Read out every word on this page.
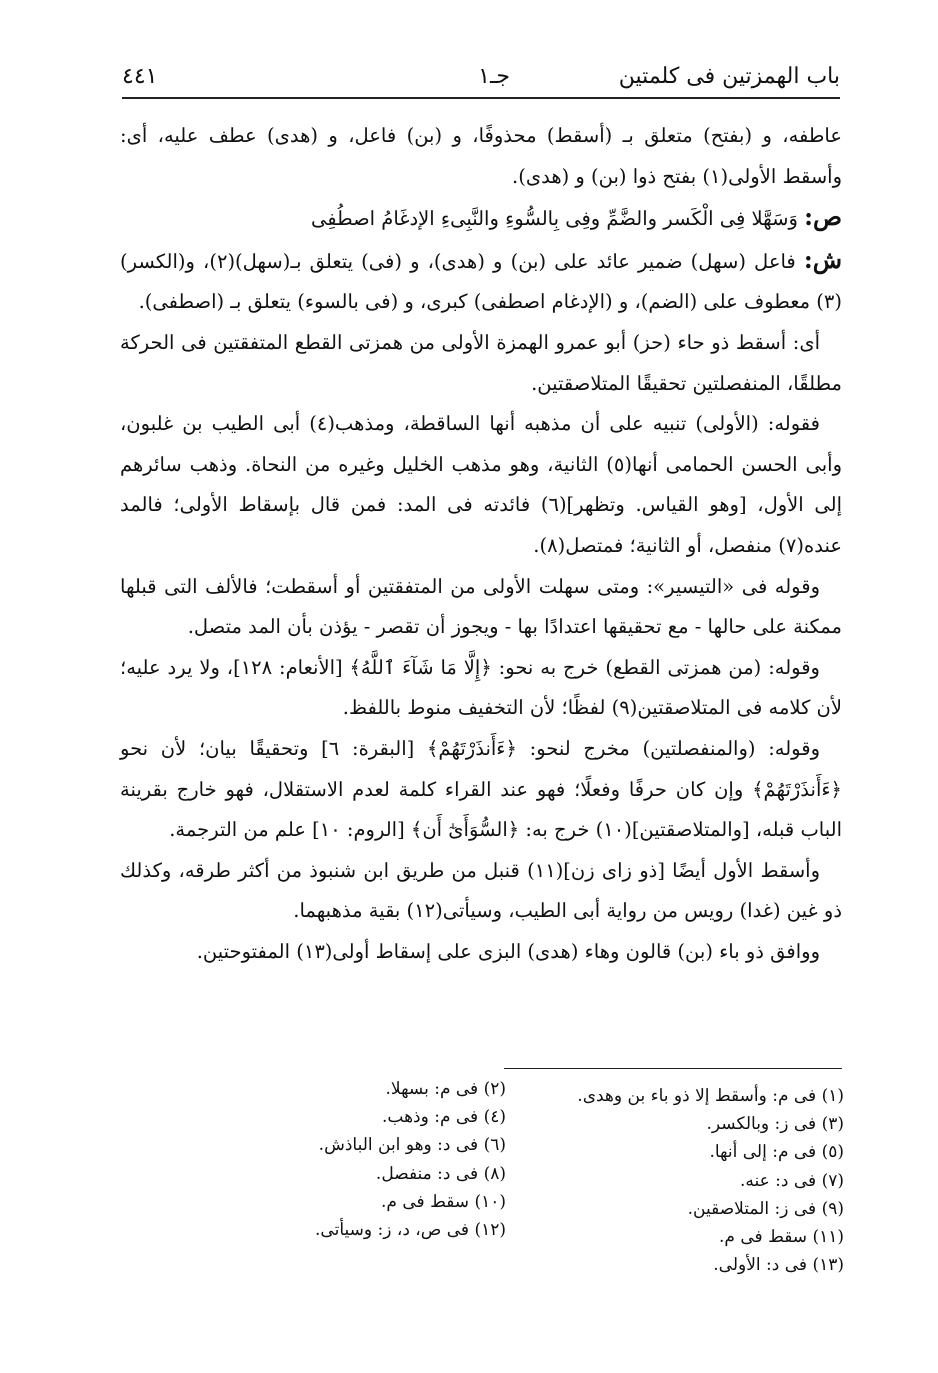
باب الهمزتين فى كلمتين
جـ١
٤٤١

عاطفه، و (بفتح) متعلق بـ (أسقط) محذوفًا، و (بن) فاعل، و (هدى) عطف عليه، أى: وأسقط الأولى(١) بفتح ذوا (بن) و (هدى).

ص: وَسَهَّلا فِى الْكَسر والضَّمِّ وفِى بِالسُّوءِ والنَّبِىءِ الإدغَامُ اصطُفِى

ش: فاعل (سهل) ضمير عائد على (بن) و (هدى)، و (فى) يتعلق بـ(سهل)(٢)، و(الكسر)(٣) معطوف على (الضم)، و (الإدغام اصطفى) كبرى، و (فى بالسوء) يتعلق بـ (اصطفى).

أى: أسقط ذو حاء (حز) أبو عمرو الهمزة الأولى من همزتى القطع المتفقتين فى الحركة مطلقًا، المنفصلتين تحقيقًا المتلاصقتين.

فقوله: (الأولى) تنبيه على أن مذهبه أنها الساقطة، ومذهب(٤) أبى الطيب بن غلبون، وأبى الحسن الحمامى أنها(٥) الثانية، وهو مذهب الخليل وغيره من النحاة. وذهب سائرهم إلى الأول، [وهو القياس. وتظهر](٦) فائدته فى المد: فمن قال بإسقاط الأولى؛ فالمد عنده(٧) منفصل، أو الثانية؛ فمتصل(٨).

وقوله فى «التيسير»: ومتى سهلت الأولى من المتفقتين أو أسقطت؛ فالألف التى قبلها ممكنة على حالها - مع تحقيقها اعتدادًا بها - ويجوز أن تقصر - يؤذن بأن المد متصل.

وقوله: (من همزتى القطع) خرج به نحو: ﴿إِلَّا مَا شَآءَ ٱللَّهُ﴾ [الأنعام: ١٢٨]، ولا يرد عليه؛ لأن كلامه فى المتلاصقتين(٩) لفظًا؛ لأن التخفيف منوط باللفظ.

وقوله: (والمنفصلتين) مخرج لنحو: ﴿ءَأَنذَرْتَهُمْ﴾ [البقرة: ٦] وتحقيقًا بيان؛ لأن نحو ﴿ءَأَنذَرْتَهُمْ﴾ وإن كان حرفًا وفعلًا؛ فهو عند القراء كلمة لعدم الاستقلال، فهو خارج بقرينة الباب قبله، [والمتلاصقتين](١٠) خرج به: ﴿السُّوَأَىٰٓ أَن﴾ [الروم: ١٠] علم من الترجمة.

وأسقط الأول أيضًا [ذو زاى زن](١١) قنبل من طريق ابن شنبوذ من أكثر طرقه، وكذلك ذو غين (غدا) رويس من رواية أبى الطيب، وسيأتى(١٢) بقية مذهبهما.

ووافق ذو باء (بن) قالون وهاء (هدى) البزى على إسقاط أولى(١٣) المفتوحتين.

(١) فى م: وأسقط إلا ذو باء بن وهدى.
(٣) فى ز: وبالكسر.
(٥) فى م: إلى أنها.
(٧) فى د: عنه.
(٩) فى ز: المتلاصقين.
(١١) سقط فى م.
(١٣) فى د: الأولى.
(٢) فى م: بسهلا.
(٤) فى م: وذهب.
(٦) فى د: وهو ابن الباذش.
(٨) فى د: منفصل.
(١٠) سقط فى م.
(١٢) فى ص، د، ز: وسيأتى.
